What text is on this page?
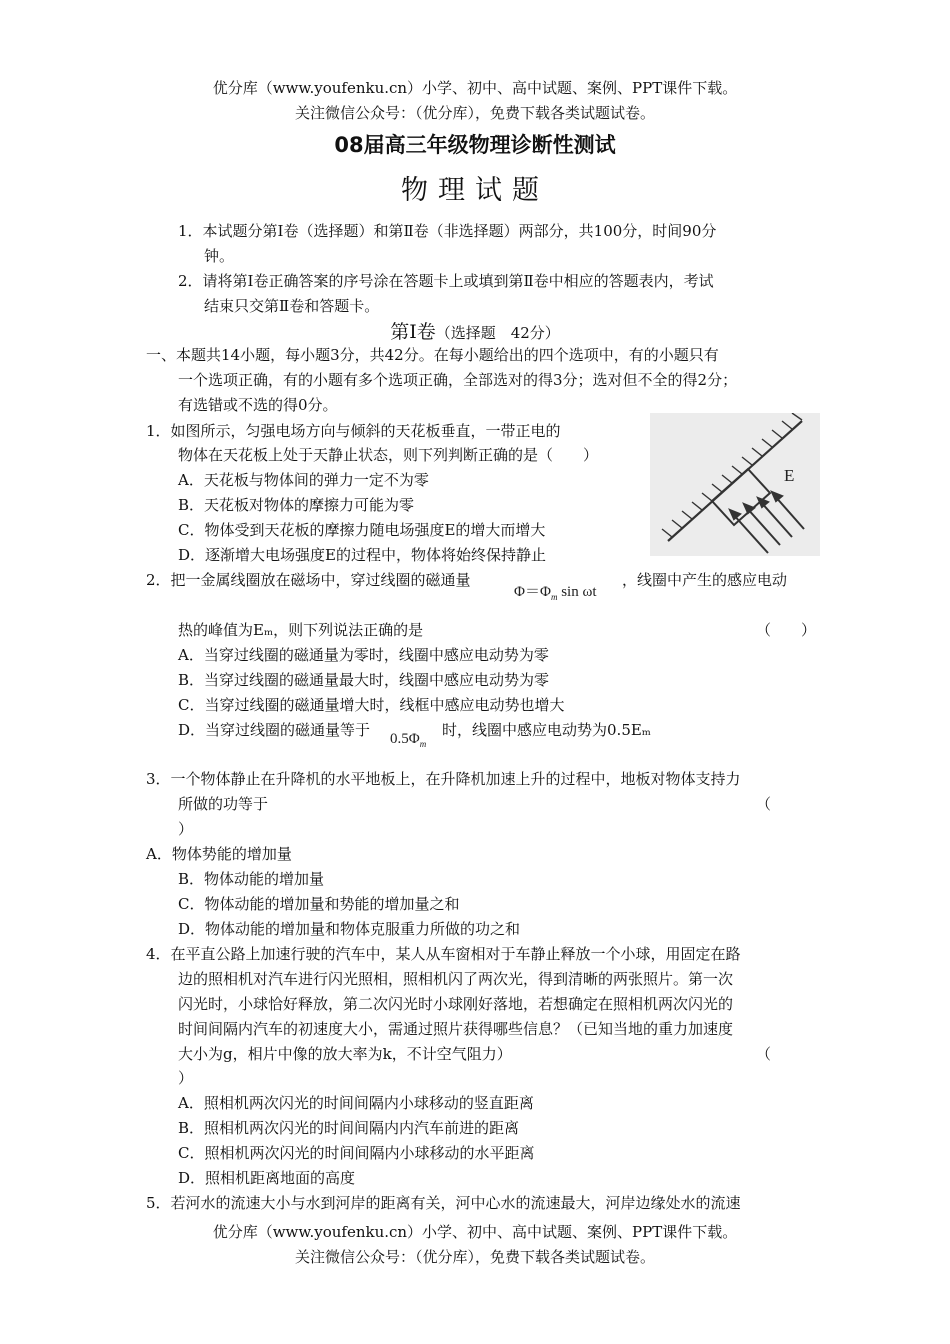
优分库（www.youfenku.cn）小学、初中、高中试题、案例、PPT课件下载。
关注微信公众号：（优分库），免费下载各类试题试卷。
08届高三年级物理诊断性测试
物理试题
1．本试题分第Ⅰ卷（选择题）和第Ⅱ卷（非选择题）两部分，共100分，时间90分
钟。
2．请将第Ⅰ卷正确答案的序号涂在答题卡上或填到第Ⅱ卷中相应的答题表内，考试
结束只交第Ⅱ卷和答题卡。
第Ⅰ卷（选择题　42分）
一、本题共14小题，每小题3分，共42分。在每小题给出的四个选项中，有的小题只有
一个选项正确，有的小题有多个选项正确，全部选对的得3分；选对但不全的得2分；
有选错或不选的得0分。
1．如图所示，匀强电场方向与倾斜的天花板垂直，一带正电的
物体在天花板上处于天静止状态，则下列判断正确的是（　　）
A．天花板与物体间的弹力一定不为零
B．天花板对物体的摩擦力可能为零
C．物体受到天花板的摩擦力随电场强度E的增大而增大
D．逐渐增大电场强度E的过程中，物体将始终保持静止
E
2．把一金属线圈放在磁场中，穿过线圈的磁通量
$\Phi=\Phi_m$ sin ωt
，线圈中产生的感应电动
热的峰值为Eₘ，则下列说法正确的是	（　　）
A．当穿过线圈的磁通量为零时，线圈中感应电动势为零
B．当穿过线圈的磁通量最大时，线圈中感应电动势为零
C．当穿过线圈的磁通量增大时，线框中感应电动势也增大
D．当穿过线圈的磁通量等于 $0.5\Phi_m$
时，线圈中感应电动势为0.5Eₘ
3．一个物体静止在升降机的水平地板上，在升降机加速上升的过程中，地板对物体支持力
所做的功等于	（
）
A．物体势能的增加量
B．物体动能的增加量
C．物体动能的增加量和势能的增加量之和
D．物体动能的增加量和物体克服重力所做的功之和
4．在平直公路上加速行驶的汽车中，某人从车窗相对于车静止释放一个小球，用固定在路
边的照相机对汽车进行闪光照相，照相机闪了两次光，得到清晰的两张照片。第一次
闪光时，小球恰好释放，第二次闪光时小球刚好落地，若想确定在照相机两次闪光的
时间间隔内汽车的初速度大小，需通过照片获得哪些信息？（已知当地的重力加速度
大小为g，相片中像的放大率为k，不计空气阻力）	（
）
A．照相机两次闪光的时间间隔内小球移动的竖直距离
B．照相机两次闪光的时间间隔内内汽车前进的距离
C．照相机两次闪光的时间间隔内小球移动的水平距离
D．照相机距离地面的高度
5．若河水的流速大小与水到河岸的距离有关，河中心水的流速最大，河岸边缘处水的流速
优分库（www.youfenku.cn）小学、初中、高中试题、案例、PPT课件下载。
关注微信公众号：（优分库），免费下载各类试题试卷。
